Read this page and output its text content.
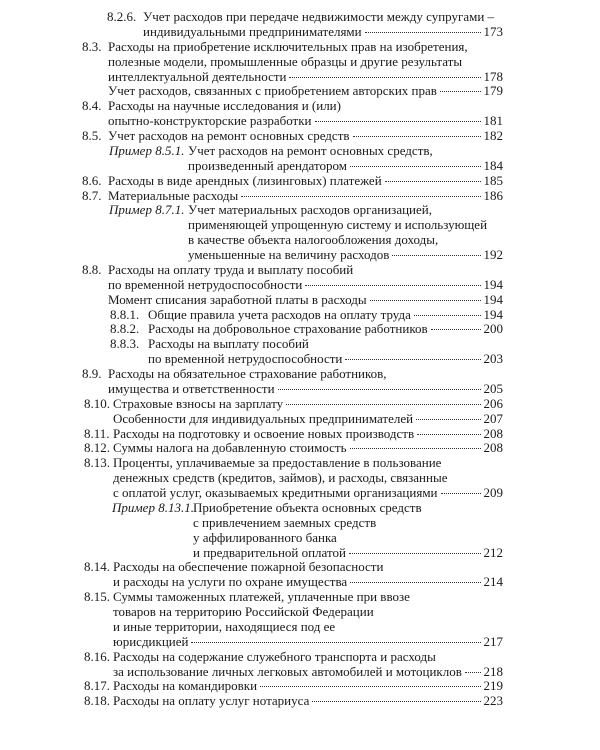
8.2.6. Учет расходов при передаче недвижимости между супругами –
индивидуальными предпринимателями	173
8.3. Расходы на приобретение исключительных прав на изобретения,
полезные модели, промышленные образцы и другие результаты
интеллектуальной деятельности	178
Учет расходов, связанных с приобретением авторских прав	179
8.4. Расходы на научные исследования и (или)
опытно-конструкторские разработки	181
8.5. Учет расходов на ремонт основных средств	182
Пример 8.5.1. Учет расходов на ремонт основных средств,
произведенный арендатором	184
8.6. Расходы в виде арендных (лизинговых) платежей	185
8.7. Материальные расходы	186
Пример 8.7.1. Учет материальных расходов организацией,
применяющей упрощенную систему и использующей
в качестве объекта налогообложения доходы,
уменьшенные на величину расходов	192
8.8. Расходы на оплату труда и выплату пособий
по временной нетрудоспособности	194
Момент списания заработной платы в расходы	194
8.8.1. Общие правила учета расходов на оплату труда	194
8.8.2. Расходы на добровольное страхование работников	200
8.8.3. Расходы на выплату пособий
по временной нетрудоспособности	203
8.9. Расходы на обязательное страхование работников,
имущества и ответственности	205
8.10. Страховые взносы на зарплату	206
Особенности для индивидуальных предпринимателей	207
8.11. Расходы на подготовку и освоение новых производств	208
8.12. Суммы налога на добавленную стоимость	208
8.13. Проценты, уплачиваемые за предоставление в пользование
денежных средств (кредитов, займов), и расходы, связанные
с оплатой услуг, оказываемых кредитными организациями	209
Пример 8.13.1. Приобретение объекта основных средств
с привлечением заемных средств
у аффилированного банка
и предварительной оплатой	212
8.14. Расходы на обеспечение пожарной безопасности
и расходы на услуги по охране имущества	214
8.15. Суммы таможенных платежей, уплаченные при ввозе
товаров на территорию Российской Федерации
и иные территории, находящиеся под ее
юрисдикцией	217
8.16. Расходы на содержание служебного транспорта и расходы
за использование личных легковых автомобилей и мотоциклов 218
8.17. Расходы на командировки	219
8.18. Расходы на оплату услуг нотариуса	223
